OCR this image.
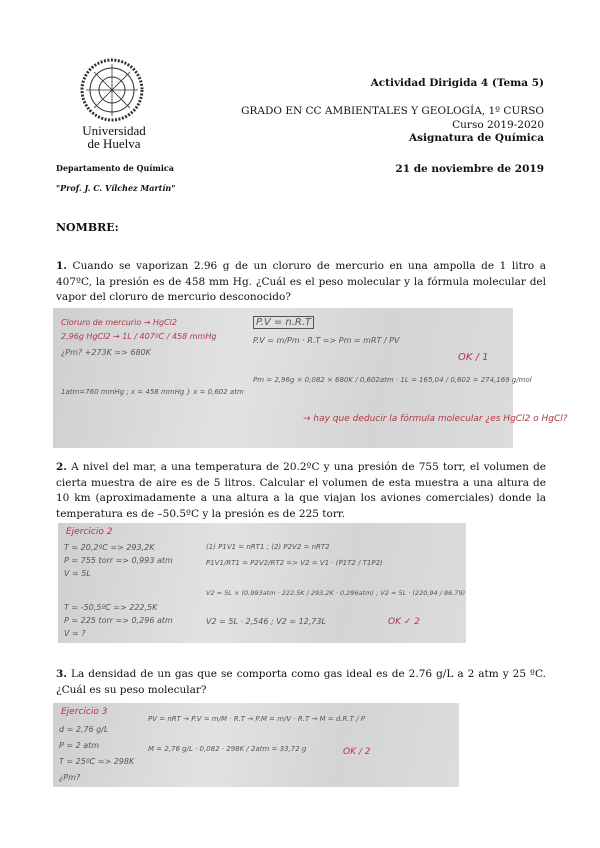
Universidad
de Huelva
Departamento de Química
"Prof. J. C. Vílchez Martín"
Actividad Dirigida 4 (Tema 5)
GRADO EN CC AMBIENTALES Y GEOLOGÍA, 1º CURSO
Curso 2019-2020
Asignatura de Química
21 de noviembre de 2019
NOMBRE:
1. Cuando se vaporizan 2.96 g de un cloruro de mercurio en una ampolla de 1 litro a 407ºC, la presión es de 458 mm Hg. ¿Cuál es el peso molecular y la fórmula molecular del vapor del cloruro de mercurio desconocido?
Cloruro de mercurio → HgCl2
2,96g HgCl2 → 1L / 407ºC / 458 mmHg
¿Pm? +273K => 680K
1atm=760 mmHg ; x = 458 mmHg } x = 0,602 atm
P.V = n.R.T
P.V = m/Pm · R.T => Pm = mRT / PV
Pm = 2,96g × 0,082 × 680K / 0,602atm · 1L = 165,04 / 0,602 = 274,169 g/mol
OK / 1
→ hay que deducir la fórmula molecular ¿es HgCl2 o HgCl?
2. A nivel del mar, a una temperatura de 20.2ºC y una presión de 755 torr, el volumen de cierta muestra de aire es de 5 litros. Calcular el volumen de esta muestra a una altura de 10 km (aproximadamente a una altura a la que viajan los aviones comerciales) donde la temperatura es de –50.5ºC y la presión es de 225 torr.
Ejercicio 2
T = 20,2ºC => 293,2K
P = 755 torr => 0,993 atm
V = 5L
T = -50,5ºC => 222,5K
P = 225 torr => 0,296 atm
V = ?
(1) P1V1 = nRT1 ; (2) P2V2 = nRT2
P1V1/RT1 = P2V2/RT2 => V2 = V1 · (P1T2 / T1P2)
V2 = 5L × (0,993atm · 222,5K / 293,2K · 0,296atm) ; V2 = 5L · (220,94 / 86,79)
V2 = 5L · 2,546 ; V2 = 12,73L	OK ✓ 2
3. La densidad de un gas que se comporta como gas ideal es de 2.76 g/L a 2 atm y 25 ºC. ¿Cuál es su peso molecular?
Ejercicio 3
d = 2,76 g/L
P = 2 atm
T = 25ºC => 298K
¿Pm?
PV = nRT → P.V = m/M · R.T → P.M = m/V · R.T → M = d.R.T / P
M = 2,76 g/L · 0,082 · 298K / 2atm = 33,72 g	OK / 2
